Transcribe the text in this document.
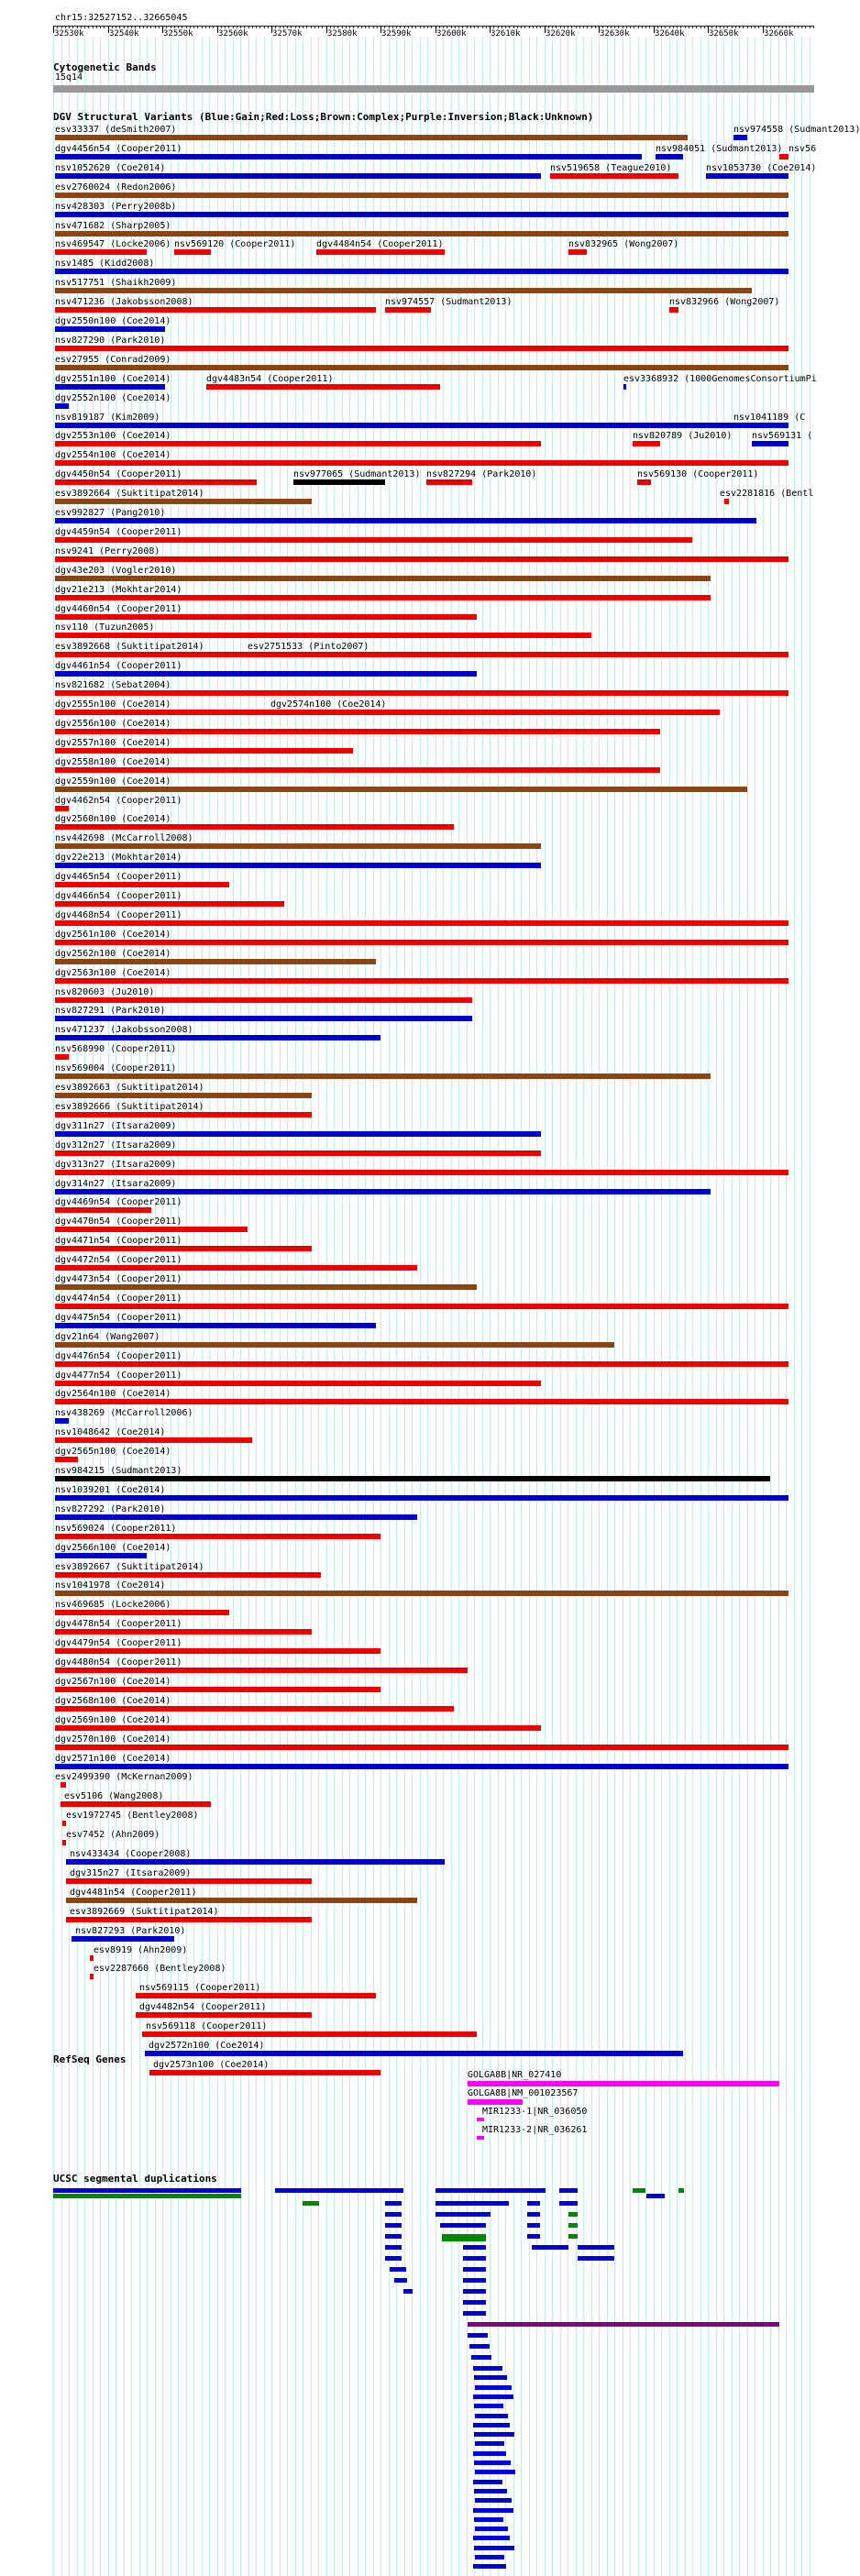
chr15:32527152..32665045
32530k	32540k	32550k	32560k	32570k	32580k	32590k	32600k	32610k	32620k	32630k	32640k	32650k	32660k
Cytogenetic Bands
15q14
DGV Structural Variants (Blue:Gain;Red:Loss;Brown:Complex;Purple:Inversion;Black:Unknown)
esv33337 (deSmith2007)	nsv974558 (Sudmant2013)
dgv4456n54 (Cooper2011)	nsv984051 (Sudmant2013) nsv56
nsv1052620 (Coe2014)	nsv519658 (Teague2010)	nsv1053730 (Coe2014)
esv2760024 (Redon2006)
nsv428303 (Perry2008b)
nsv471682 (Sharp2005)
nsv469547 (Locke2006) nsv569120 (Cooper2011) dgv4484n54 (Cooper2011)	nsv832965 (Wong2007)
nsv1485 (Kidd2008)
nsv517751 (Shaikh2009)
nsv471236 (Jakobsson2008)	nsv974557 (Sudmant2013)	nsv832966 (Wong2007)
dgv2550n100 (Coe2014)
nsv827290 (Park2010)
esv27955 (Conrad2009)
dgv2551n100 (Coe2014)	dgv4483n54 (Cooper2011)	esv3368932 (1000GenomesConsortiumPi
dgv2552n100 (Coe2014)
nsv819187 (Kim2009)	nsv1041189 (C
dgv2553n100 (Coe2014)	nsv820789 (Ju2010) nsv569131 (
dgv2554n100 (Coe2014)
dgv4450n54 (Cooper2011)	nsv977065 (Sudmant2013) nsv827294 (Park2010)	nsv569130 (Cooper2011)
esv3892664 (Suktitipat2014)	esv2281816 (Bentl
esv992827 (Pang2010)
dgv4459n54 (Cooper2011)
nsv9241 (Perry2008)
dgv43e203 (Vogler2010)
dgv21e213 (Mokhtar2014)
dgv4460n54 (Cooper2011)
nsv110 (Tuzun2005)
esv3892668 (Suktitipat2014)	esv2751533 (Pinto2007)
dgv4461n54 (Cooper2011)
nsv821682 (Sebat2004)
dgv2555n100 (Coe2014)	dgv2574n100 (Coe2014)
dgv2556n100 (Coe2014)
dgv2557n100 (Coe2014)
dgv2558n100 (Coe2014)
dgv2559n100 (Coe2014)
dgv4462n54 (Cooper2011)
dgv2560n100 (Coe2014)
nsv442698 (McCarroll2008)
dgv22e213 (Mokhtar2014)
dgv4465n54 (Cooper2011)
dgv4466n54 (Cooper2011)
dgv4468n54 (Cooper2011)
dgv2561n100 (Coe2014)
dgv2562n100 (Coe2014)
dgv2563n100 (Coe2014)
nsv820603 (Ju2010)
nsv827291 (Park2010)
nsv471237 (Jakobsson2008)
nsv568990 (Cooper2011)
nsv569004 (Cooper2011)
esv3892663 (Suktitipat2014)
esv3892666 (Suktitipat2014)
dgv311n27 (Itsara2009)
dgv312n27 (Itsara2009)
dgv313n27 (Itsara2009)
dgv314n27 (Itsara2009)
dgv4469n54 (Cooper2011)
dgv4470n54 (Cooper2011)
dgv4471n54 (Cooper2011)
dgv4472n54 (Cooper2011)
dgv4473n54 (Cooper2011)
dgv4474n54 (Cooper2011)
dgv4475n54 (Cooper2011)
dgv21n64 (Wang2007)
dgv4476n54 (Cooper2011)
dgv4477n54 (Cooper2011)
dgv2564n100 (Coe2014)
nsv438269 (McCarroll2006)
nsv1048642 (Coe2014)
dgv2565n100 (Coe2014)
nsv984215 (Sudmant2013)
nsv1039201 (Coe2014)
nsv827292 (Park2010)
nsv569024 (Cooper2011)
dgv2566n100 (Coe2014)
esv3892667 (Suktitipat2014)
nsv1041978 (Coe2014)
nsv469685 (Locke2006)
dgv4478n54 (Cooper2011)
dgv4479n54 (Cooper2011)
dgv4480n54 (Cooper2011)
dgv2567n100 (Coe2014)
dgv2568n100 (Coe2014)
dgv2569n100 (Coe2014)
dgv2570n100 (Coe2014)
dgv2571n100 (Coe2014)
esv2499390 (McKernan2009)
esv5106 (Wang2008)
esv1972745 (Bentley2008)
esv7452 (Ahn2009)
nsv433434 (Cooper2008)
dgv315n27 (Itsara2009)
dgv4481n54 (Cooper2011)
esv3892669 (Suktitipat2014)
nsv827293 (Park2010)
esv8919 (Ahn2009)
esv2287660 (Bentley2008)
nsv569115 (Cooper2011)
dgv4482n54 (Cooper2011)
nsv569118 (Cooper2011)
dgv2572n100 (Coe2014)
dgv2573n100 (Coe2014)
RefSeq Genes
GOLGA8B|NR_027410
GOLGA8B|NM_001023567
MIR1233-1|NR_036050
MIR1233-2|NR_036261
UCSC segmental duplications
